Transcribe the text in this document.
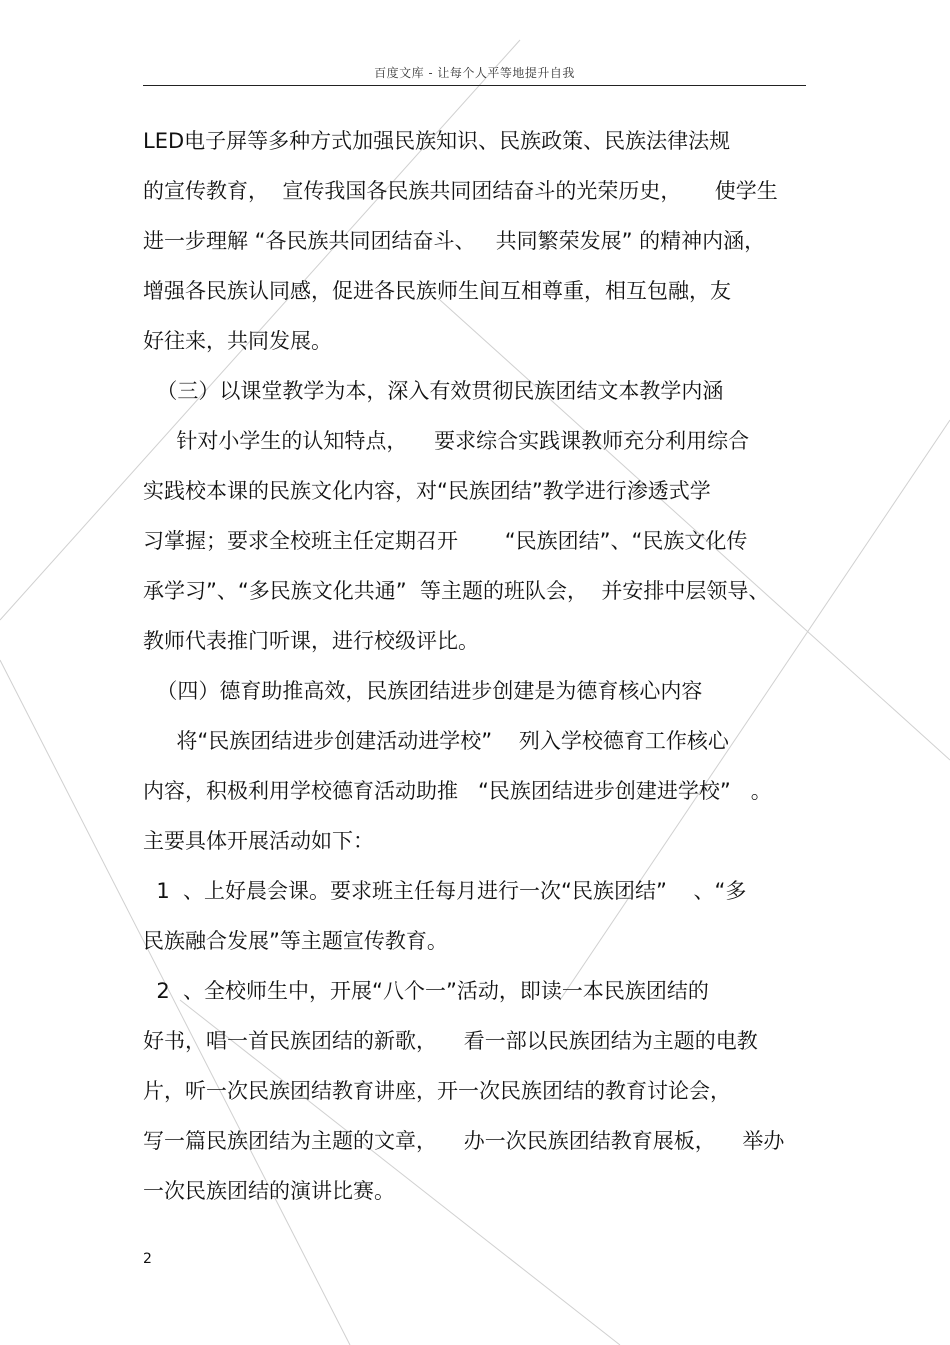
百度文库 - 让每个人平等地提升自我
LED电子屏等多种方式加强民族知识、民族政策、民族法律法规
的宣传教育，  宣传我国各民族共同团结奋斗的光荣历史，     使学生
进一步理解 “各民族共同团结奋斗、   共同繁荣发展” 的精神内涵，
增强各民族认同感，促进各民族师生间互相尊重，相互包融，友
好往来，共同发展。
（三）以课堂教学为本，深入有效贯彻民族团结文本教学内涵
针对小学生的认知特点，    要求综合实践课教师充分利用综合
实践校本课的民族文化内容，对“民族团结”教学进行渗透式学
习掌握；要求全校班主任定期召开       “民族团结”、“民族文化传
承学习”、“多民族文化共通”  等主题的班队会，  并安排中层领导、
教师代表推门听课，进行校级评比。
（四）德育助推高效，民族团结进步创建是为德育核心内容
将“民族团结进步创建活动进学校”    列入学校德育工作核心
内容，积极利用学校德育活动助推   “民族团结进步创建进学校”   。
主要具体开展活动如下：
1  、上好晨会课。要求班主任每月进行一次“民族团结”    、“多
民族融合发展”等主题宣传教育。
2  、全校师生中，开展“八个一”活动，即读一本民族团结的
好书，唱一首民族团结的新歌，    看一部以民族团结为主题的电教
片，听一次民族团结教育讲座，开一次民族团结的教育讨论会，
写一篇民族团结为主题的文章，    办一次民族团结教育展板，    举办
一次民族团结的演讲比赛。
2
